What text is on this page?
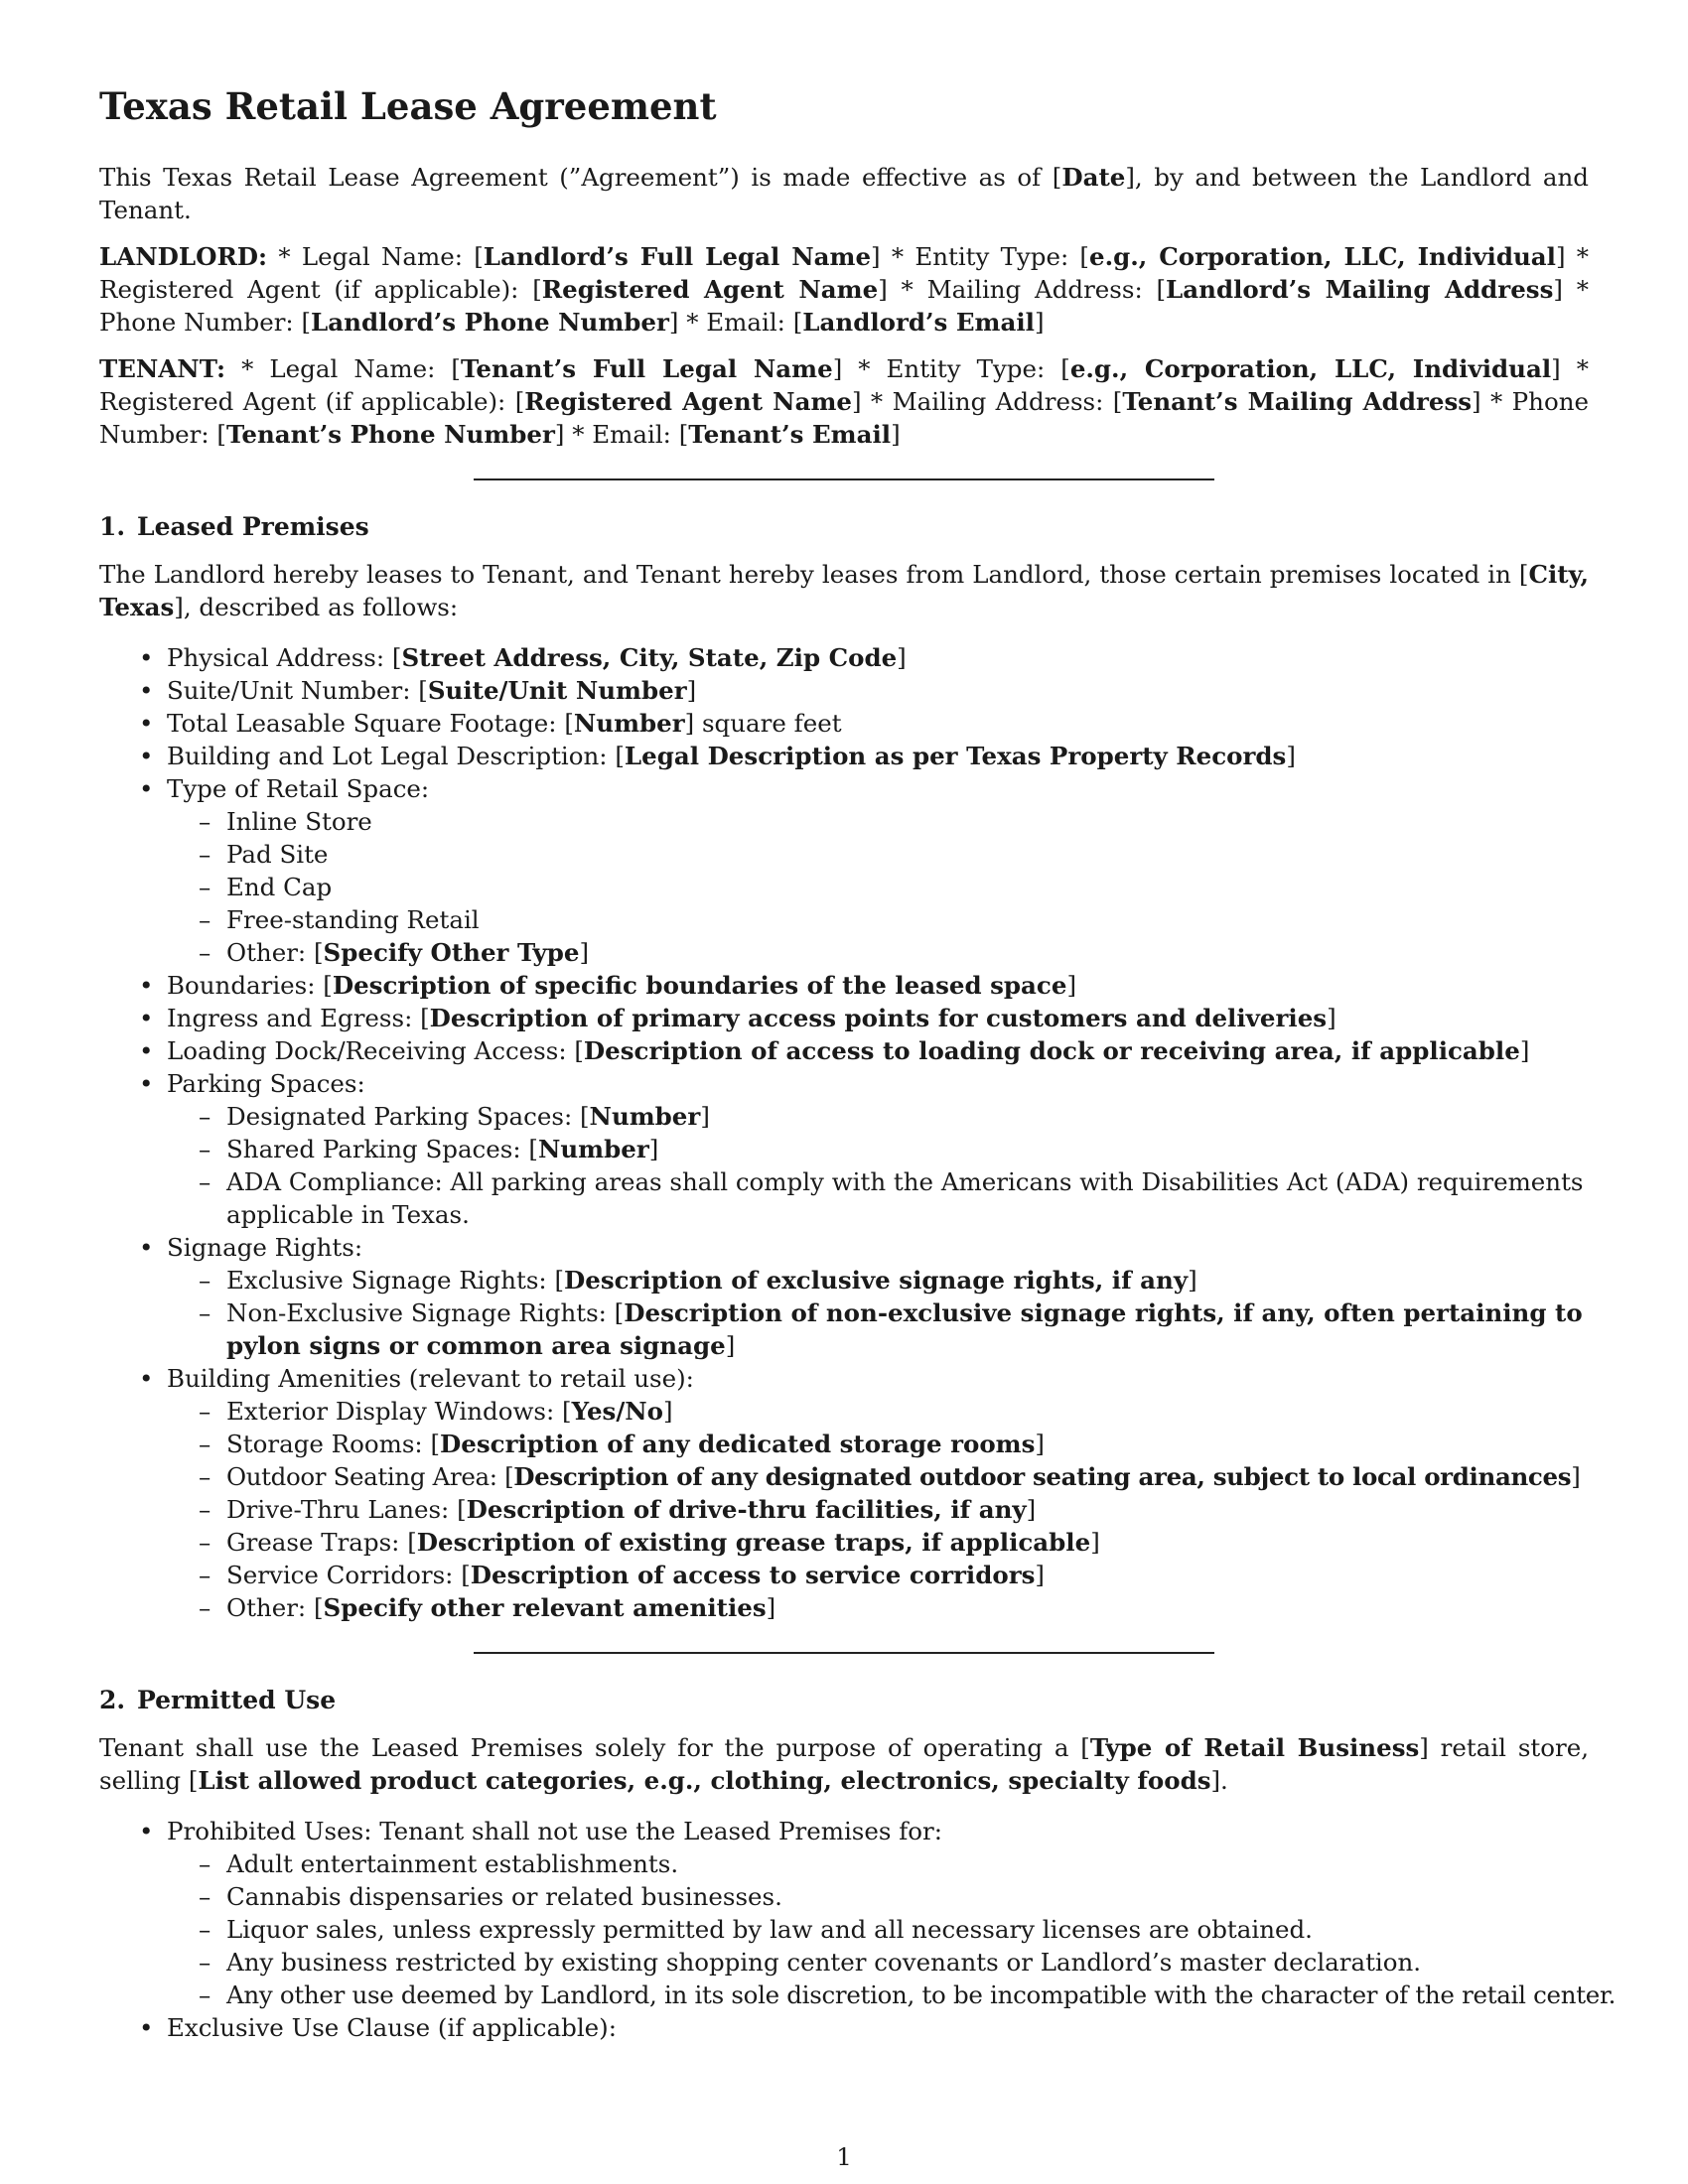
Texas Retail Lease Agreement

This Texas Retail Lease Agreement (”Agreement”) is made effective as of [Date], by and between the Landlord and Tenant.

LANDLORD: * Legal Name: [Landlord’s Full Legal Name] * Entity Type: [e.g., Corporation, LLC, Individual] * Registered Agent (if applicable): [Registered Agent Name] * Mailing Address: [Landlord’s Mailing Address] * Phone Number: [Landlord’s Phone Number] * Email: [Landlord’s Email]

TENANT: * Legal Name: [Tenant’s Full Legal Name] * Entity Type: [e.g., Corporation, LLC, Individual] * Registered Agent (if applicable): [Registered Agent Name] * Mailing Address: [Tenant’s Mailing Address] * Phone Number: [Tenant’s Phone Number] * Email: [Tenant’s Email]

1. Leased Premises

The Landlord hereby leases to Tenant, and Tenant hereby leases from Landlord, those certain premises located in [City, Texas], described as follows:

• Physical Address: [Street Address, City, State, Zip Code]
• Suite/Unit Number: [Suite/Unit Number]
• Total Leasable Square Footage: [Number] square feet
• Building and Lot Legal Description: [Legal Description as per Texas Property Records]
• Type of Retail Space:
– Inline Store
– Pad Site
– End Cap
– Free-standing Retail
– Other: [Specify Other Type]
• Boundaries: [Description of specific boundaries of the leased space]
• Ingress and Egress: [Description of primary access points for customers and deliveries]
• Loading Dock/Receiving Access: [Description of access to loading dock or receiving area, if applicable]
• Parking Spaces:
– Designated Parking Spaces: [Number]
– Shared Parking Spaces: [Number]
– ADA Compliance: All parking areas shall comply with the Americans with Disabilities Act (ADA) requirements applicable in Texas.
• Signage Rights:
– Exclusive Signage Rights: [Description of exclusive signage rights, if any]
– Non-Exclusive Signage Rights: [Description of non-exclusive signage rights, if any, often pertaining to pylon signs or common area signage]
• Building Amenities (relevant to retail use):
– Exterior Display Windows: [Yes/No]
– Storage Rooms: [Description of any dedicated storage rooms]
– Outdoor Seating Area: [Description of any designated outdoor seating area, subject to local ordinances]
– Drive-Thru Lanes: [Description of drive-thru facilities, if any]
– Grease Traps: [Description of existing grease traps, if applicable]
– Service Corridors: [Description of access to service corridors]
– Other: [Specify other relevant amenities]
2. Permitted Use

Tenant shall use the Leased Premises solely for the purpose of operating a [Type of Retail Business] retail store, selling [List allowed product categories, e.g., clothing, electronics, specialty foods].

• Prohibited Uses: Tenant shall not use the Leased Premises for:
– Adult entertainment establishments.
– Cannabis dispensaries or related businesses.
– Liquor sales, unless expressly permitted by law and all necessary licenses are obtained.
– Any business restricted by existing shopping center covenants or Landlord’s master declaration.
– Any other use deemed by Landlord, in its sole discretion, to be incompatible with the character of the retail center.
• Exclusive Use Clause (if applicable):
1
